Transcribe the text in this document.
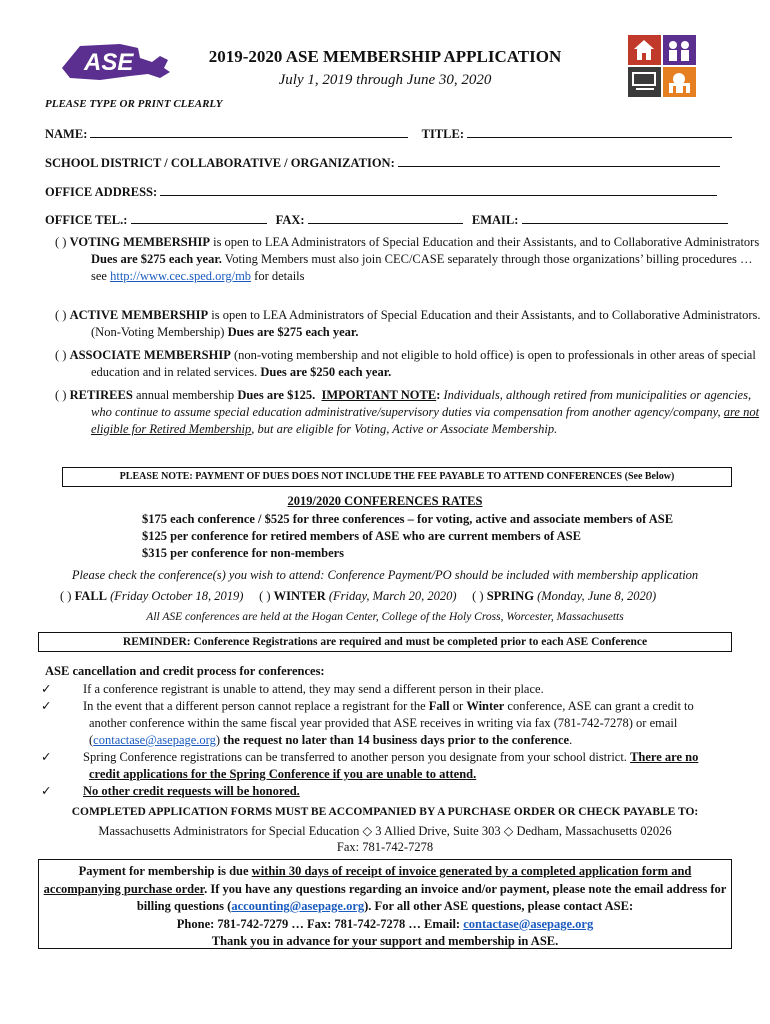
ASE	2019-2020 ASE MEMBERSHIP APPLICATION
July 1, 2019 through June 30, 2020
PLEASE TYPE OR PRINT CLEARLY
NAME:	TITLE:
SCHOOL DISTRICT / COLLABORATIVE / ORGANIZATION:
OFFICE ADDRESS:
OFFICE TEL.:	FAX:	EMAIL:
( ) VOTING MEMBERSHIP is open to LEA Administrators of Special Education and their Assistants, and to Collaborative Administrators
Dues are $275 each year. Voting Members must also join CEC/CASE separately through those organizations’ billing procedures … see http://www.cec.sped.org/mb for details
( ) ACTIVE MEMBERSHIP is open to LEA Administrators of Special Education and their Assistants, and to Collaborative Administrators. (Non-Voting Membership) Dues are $275 each year.
( ) ASSOCIATE MEMBERSHIP (non-voting membership and not eligible to hold office) is open to professionals in other areas of special education and in related services. Dues are $250 each year.
( ) RETIREES annual membership Dues are $125. IMPORTANT NOTE: Individuals, although retired from municipalities or agencies, who continue to assume special education administrative/supervisory duties via compensation from another agency/company, are not eligible for Retired Membership, but are eligible for Voting, Active or Associate Membership.
PLEASE NOTE: PAYMENT OF DUES DOES NOT INCLUDE THE FEE PAYABLE TO ATTEND CONFERENCES (See Below)
2019/2020 CONFERENCES RATES
$175 each conference / $525 for three conferences – for voting, active and associate members of ASE
$125 per conference for retired members of ASE who are current members of ASE
$315 per conference for non-members
Please check the conference(s) you wish to attend: Conference Payment/PO should be included with membership application
( ) FALL (Friday October 18, 2019) ( ) WINTER (Friday, March 20, 2020) ( ) SPRING (Monday, June 8, 2020)
All ASE conferences are held at the Hogan Center, College of the Holy Cross, Worcester, Massachusetts
REMINDER: Conference Registrations are required and must be completed prior to each ASE Conference
ASE cancellation and credit process for conferences:
✓	If a conference registrant is unable to attend, they may send a different person in their place.
✓	In the event that a different person cannot replace a registrant for the Fall or Winter conference, ASE can grant a credit to another conference within the same fiscal year provided that ASE receives in writing via fax (781-742-7278) or email (contactase@asepage.org) the request no later than 14 business days prior to the conference.
✓	Spring Conference registrations can be transferred to another person you designate from your school district. There are no credit applications for the Spring Conference if you are unable to attend.
✓	No other credit requests will be honored.
COMPLETED APPLICATION FORMS MUST BE ACCOMPANIED BY A PURCHASE ORDER OR CHECK PAYABLE TO:
Massachusetts Administrators for Special Education ◇ 3 Allied Drive, Suite 303 ◇ Dedham, Massachusetts 02026
Fax: 781-742-7278
Payment for membership is due within 30 days of receipt of invoice generated by a completed application form and accompanying purchase order. If you have any questions regarding an invoice and/or payment, please note the email address for billing questions (accounting@asepage.org). For all other ASE questions, please contact ASE:
Phone: 781-742-7279 … Fax: 781-742-7278 … Email: contactase@asepage.org
Thank you in advance for your support and membership in ASE.
